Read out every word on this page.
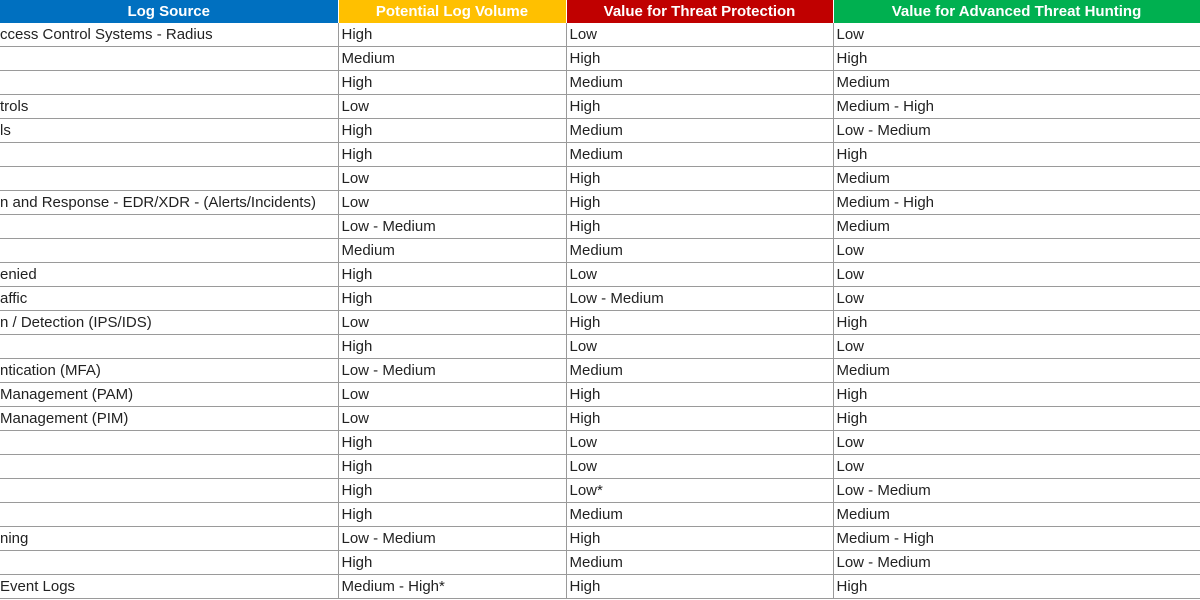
Log Source	Potential Log Volume	Value for Threat Protection	Value for Advanced Threat Hunting
ccess Control Systems - Radius	High	Low	Low
	Medium	High	High
	High	Medium	Medium
trols	Low	High	Medium - High
ls	High	Medium	Low - Medium
	High	Medium	High
	Low	High	Medium
n and Response - EDR/XDR - (Alerts/Incidents)	Low	High	Medium - High
	Low - Medium	High	Medium
	Medium	Medium	Low
enied	High	Low	Low
affic	High	Low - Medium	Low
n / Detection (IPS/IDS)	Low	High	High
	High	Low	Low
ntication (MFA)	Low - Medium	Medium	Medium
Management (PAM)	Low	High	High
Management (PIM)	Low	High	High
	High	Low	Low
	High	Low	Low
	High	Low*	Low - Medium
	High	Medium	Medium
ning	Low - Medium	High	Medium - High
	High	Medium	Low - Medium
Event Logs	Medium - High*	High	High
